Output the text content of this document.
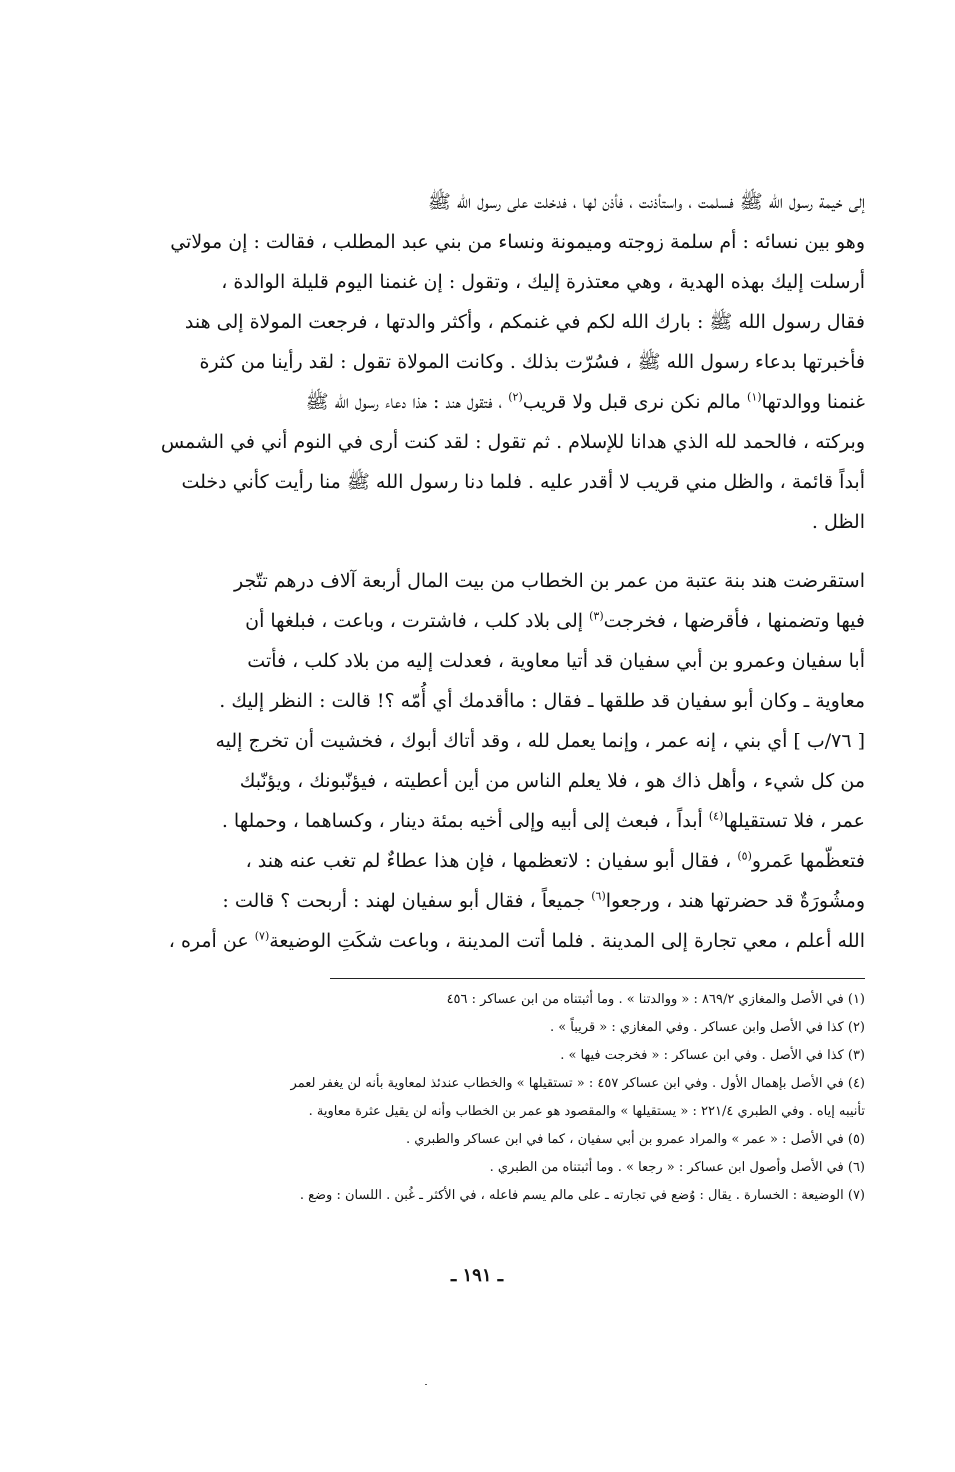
إلى خيمة رسول الله ﷺ فسلمت ، واستأذنت ، فأذن لها ، فدخلت على رسول الله ﷺ
وهو بين نسائه : أم سلمة زوجته وميمونة ونساء من بني عبد المطلب ، فقالت : إن مولاتي
أرسلت إليك بهذه الهدية ، وهي معتذرة إليك ، وتقول : إن غنمنا اليوم قليلة الوالدة ،
فقال رسول الله ﷺ : بارك الله لكم في غنمكم ، وأكثر والدتها ، فرجعت المولاة إلى هند
فأخبرتها بدعاء رسول الله ﷺ ، فسُرّت بذلك . وكانت المولاة تقول : لقد رأينا من كثرة
غنمنا ووالدتها$^{(١)}$ مالم نكن نرى قبل ولا قريب$^{(٢)}$ ، فتقول هند : هذا دعاء رسول الله ﷺ
وبركته ، فالحمد لله الذي هدانا للإسلام . ثم تقول : لقد كنت أرى في النوم أني في الشمس
أبداً قائمة ، والظل مني قريب لا أقدر عليه . فلما دنا رسول الله ﷺ منا رأيت كأني دخلت
الظل .
استقرضت هند بنة عتبة من عمر بن الخطاب من بيت المال أربعة آلاف درهم تتّجر
فيها وتضمنها ، فأقرضها ، فخرجت$^{(٣)}$ إلى بلاد كلب ، فاشترت ، وباعت ، فبلغها أن
أبا سفيان وعمرو بن أبي سفيان قد أتيا معاوية ، فعدلت إليه من بلاد كلب ، فأتت
معاوية ـ وكان أبو سفيان قد طلقها ـ فقال : ماأقدمك أي أُمّه ؟! قالت : النظر إليك .
[ ٧٦/ب ] أي بني ، إنه عمر ، وإنما يعمل لله ، وقد أتاك أبوك ، فخشيت أن تخرج إليه
من كل شيء ، وأهل ذاك هو ، فلا يعلم الناس من أين أعطيته ، فيؤنّبونك ، ويؤنّبك
عمر ، فلا تستقيلها$^{(٤)}$ أبداً ، فبعث إلى أبيه وإلى أخيه بمئة دينار ، وكساهما ، وحملها .
فتعظّمها عَمرو$^{(٥)}$ ، فقال أبو سفيان : لاتعظمها ، فإن هذا عطاءٌ لم تغب عنه هند ،
ومشُورَةٌ قد حضرتها هند ، ورجعوا$^{(٦)}$ جميعاً ، فقال أبو سفيان لهند : أربحت ؟ قالت :
الله أعلم ، معي تجارة إلى المدينة . فلما أتت المدينة ، وباعت شكَتِ الوضيعة$^{(٧)}$ عن أمره ،
(١) في الأصل والمغازي ٨٦٩/٢ : « ووالدتنا » . وما أثبتناه من ابن عساكر : ٤٥٦
(٢) كذا في الأصل وابن عساكر . وفي المغازي : « قريباً » .
(٣) كذا في الأصل . وفي ابن عساكر : « فخرجت فيها » .
(٤) في الأصل بإهمال الأول . وفي ابن عساكر ٤٥٧ : « تستقيلها » والخطاب عندئذ لمعاوية بأنه لن يغفر لعمر
تأنيبه إياه . وفي الطبري ٢٢١/٤ : « يستقيلها » والمقصود هو عمر بن الخطاب وأنه لن يقيل عثرة معاوية .
(٥) في الأصل : « عمر » والمراد عمرو بن أبي سفيان ، كما في ابن عساكر والطبري .
(٦) في الأصل وأصول ابن عساكر : « رجعا » . وما أثبتناه من الطبري .
(٧) الوضيعة : الخسارة . يقال : وُضع في تجارته ـ على مالم يسم فاعله ، في الأكثر ـ غُبن . اللسان : وضع .
ـ ١٩١ ـ
